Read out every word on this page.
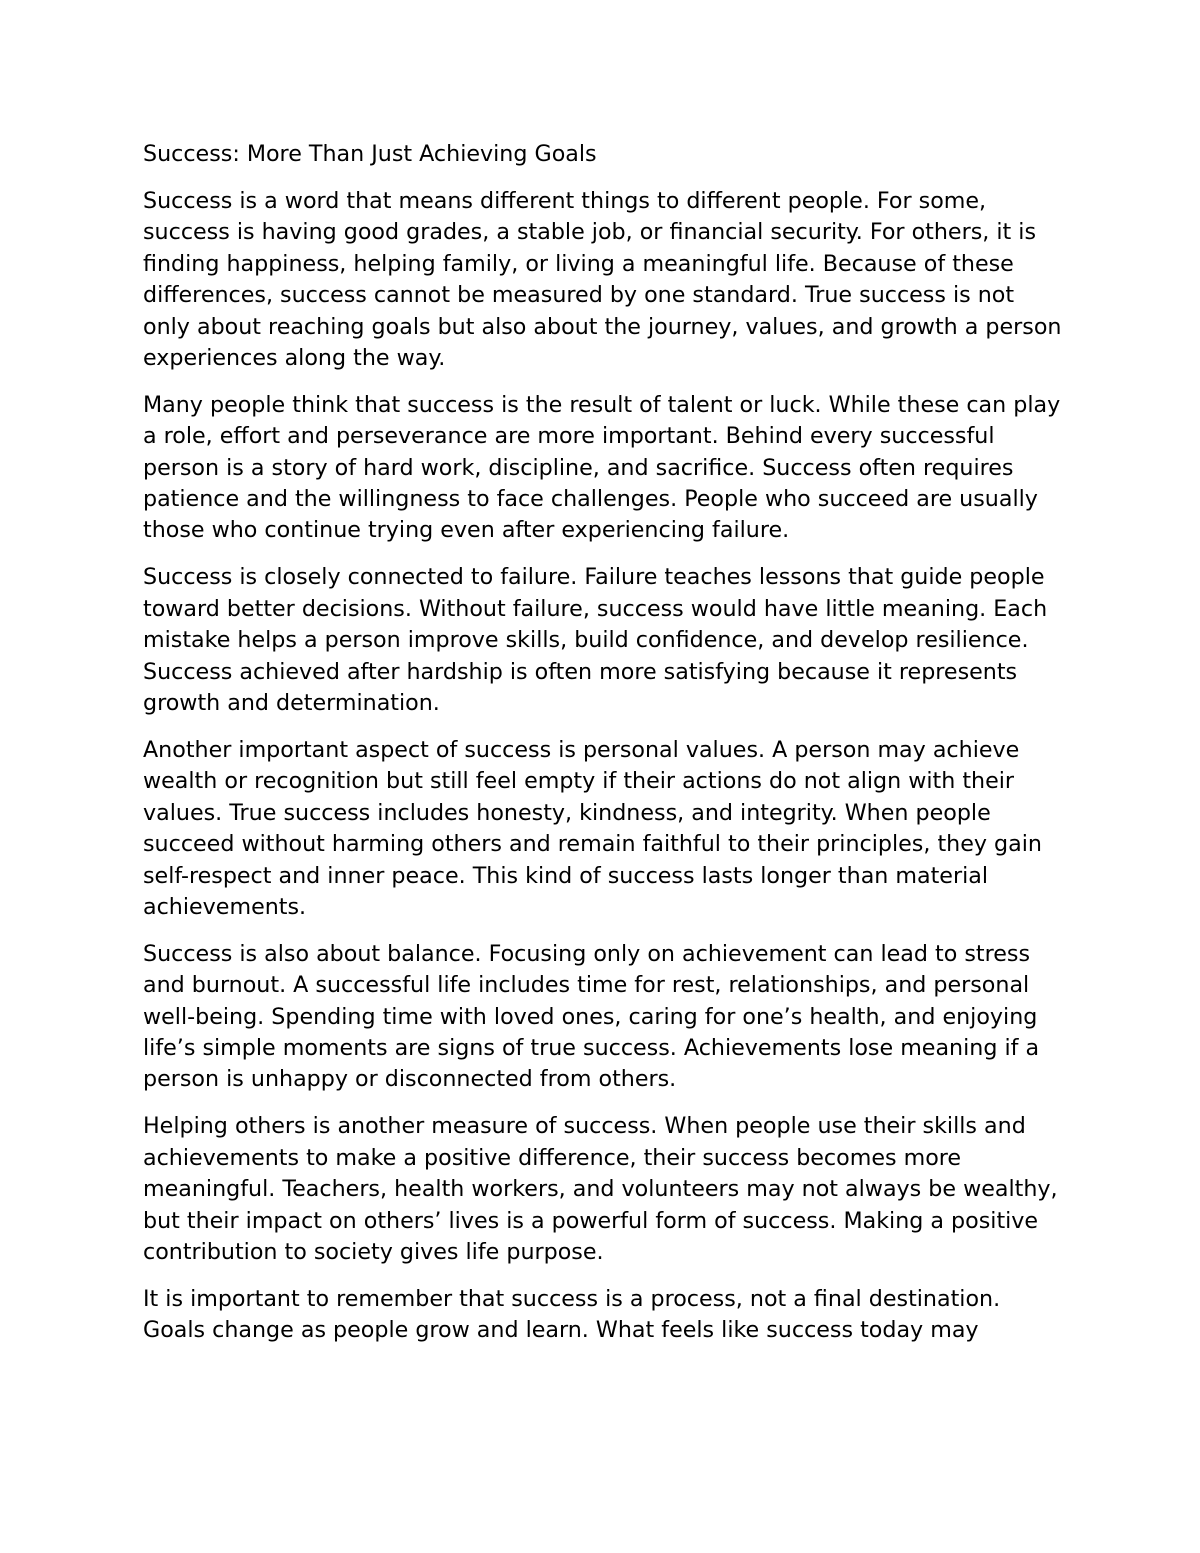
Success: More Than Just Achieving Goals

Success is a word that means different things to different people. For some, success is having good grades, a stable job, or financial security. For others, it is finding happiness, helping family, or living a meaningful life. Because of these differences, success cannot be measured by one standard. True success is not only about reaching goals but also about the journey, values, and growth a person experiences along the way.

Many people think that success is the result of talent or luck. While these can play a role, effort and perseverance are more important. Behind every successful person is a story of hard work, discipline, and sacrifice. Success often requires patience and the willingness to face challenges. People who succeed are usually those who continue trying even after experiencing failure.

Success is closely connected to failure. Failure teaches lessons that guide people toward better decisions. Without failure, success would have little meaning. Each mistake helps a person improve skills, build confidence, and develop resilience. Success achieved after hardship is often more satisfying because it represents growth and determination.

Another important aspect of success is personal values. A person may achieve wealth or recognition but still feel empty if their actions do not align with their values. True success includes honesty, kindness, and integrity. When people succeed without harming others and remain faithful to their principles, they gain self-respect and inner peace. This kind of success lasts longer than material achievements.

Success is also about balance. Focusing only on achievement can lead to stress and burnout. A successful life includes time for rest, relationships, and personal well-being. Spending time with loved ones, caring for one’s health, and enjoying life’s simple moments are signs of true success. Achievements lose meaning if a person is unhappy or disconnected from others.

Helping others is another measure of success. When people use their skills and achievements to make a positive difference, their success becomes more meaningful. Teachers, health workers, and volunteers may not always be wealthy, but their impact on others’ lives is a powerful form of success. Making a positive contribution to society gives life purpose.

It is important to remember that success is a process, not a final destination. Goals change as people grow and learn. What feels like success today may
